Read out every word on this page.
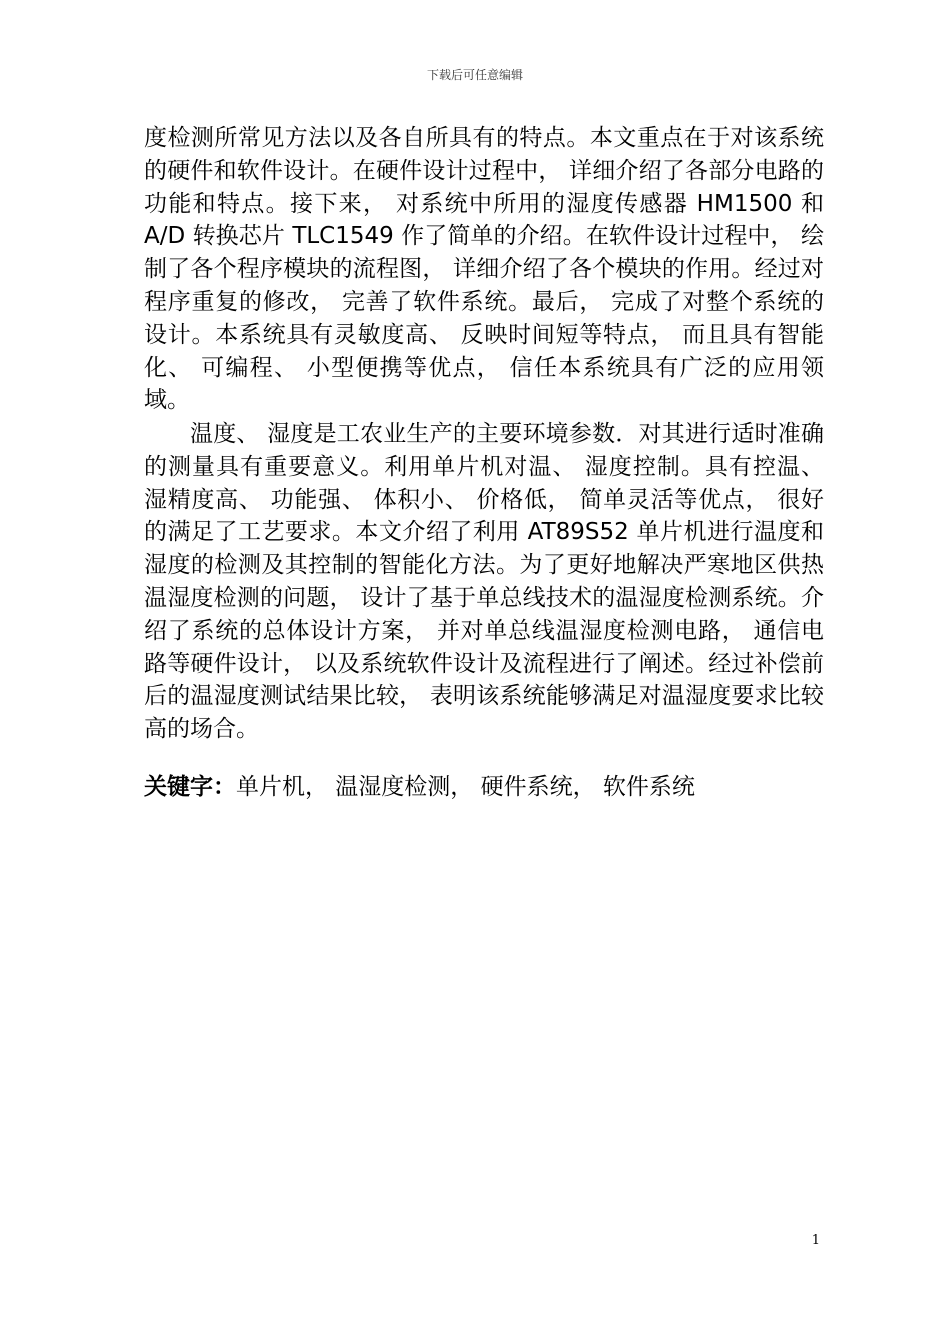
下载后可任意编辑
度检测所常见方法以及各自所具有的特点。本文重点在于对该系统的硬件和软件设计。在硬件设计过程中， 详细介绍了各部分电路的功能和特点。接下来， 对系统中所用的湿度传感器 HM1500 和A/D 转换芯片 TLC1549 作了简单的介绍。在软件设计过程中， 绘制了各个程序模块的流程图， 详细介绍了各个模块的作用。经过对程序重复的修改， 完善了软件系统。最后， 完成了对整个系统的设计。本系统具有灵敏度高、 反映时间短等特点， 而且具有智能化、 可编程、 小型便携等优点， 信任本系统具有广泛的应用领域。
温度、 湿度是工农业生产的主要环境参数．对其进行适时准确的测量具有重要意义。利用单片机对温、 湿度控制。具有控温、 湿精度高、 功能强、 体积小、 价格低， 简单灵活等优点， 很好的满足了工艺要求。本文介绍了利用 AT89S52 单片机进行温度和湿度的检测及其控制的智能化方法。为了更好地解决严寒地区供热温湿度检测的问题， 设计了基于单总线技术的温湿度检测系统。介绍了系统的总体设计方案， 并对单总线温湿度检测电路， 通信电路等硬件设计， 以及系统软件设计及流程进行了阐述。经过补偿前后的温湿度测试结果比较， 表明该系统能够满足对温湿度要求比较高的场合。
关键字：单片机， 温湿度检测， 硬件系统， 软件系统
1
